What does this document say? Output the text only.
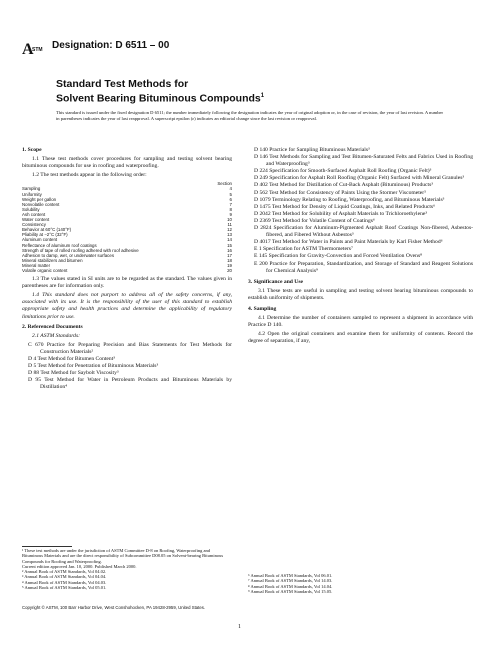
A
STM Designation: D 6511 – 00
Standard Test Methods for
Solvent Bearing Bituminous Compounds$^1$
This standard is issued under the fixed designation D 6511; the number immediately following the designation indicates the year of original adoption or, in the case of revision, the year of last revision. A number in parentheses indicates the year of last reapproval. A superscript epsilon (ε) indicates an editorial change since the last revision or reapproval.
1. Scope

1.1 These test methods cover procedures for sampling and testing solvent bearing bituminous compounds for use in roofing and waterproofing.

1.2 The test methods appear in the following order:

	Section
Sampling	4
Uniformity	5
Weight per gallon	6
Nonvolatile content	7
Solubility	8
Ash content	9
Water content	10
Consistency	11
Behavior at 60°C (140°F)	12
Pliability at −2°C (32°F)	13
Aluminum content	14
Reflectance of aluminum roof coatings	15
Strength of tape of rolled roofing adhered with roof adhesive	16
Adhesion to damp, wet, or underwater surfaces	17
Mineral stabilizers and bitumen	18
Mineral matter	19
Volatile organic content	20

1.3 The values stated in SI units are to be regarded as the standard. The values given in parentheses are for information only.

1.4 This standard does not purport to address all of the safety concerns, if any, associated with its use. It is the responsibility of the user of this standard to establish appropriate safety and health practices and determine the applicability of regulatory limitations prior to use.

2. Referenced Documents

2.1 ASTM Standards:

C 670 Practice for Preparing Precision and Bias Statements for Test Methods for Construction Materials²
D 4 Test Method for Bitumen Content³
D 5 Test Method for Penetration of Bituminous Materials³
D 88 Test Method for Saybolt Viscosity³
D 95 Test Method for Water in Petroleum Products and Bituminous Materials by Distillation⁴
D 140 Practice for Sampling Bituminous Materials³
D 146 Test Methods for Sampling and Test Bitumen-Saturated Felts and Fabrics Used in Roofing and Waterproofing³
D 224 Specification for Smooth-Surfaced Asphalt Roll Roofing (Organic Felt)³
D 249 Specification for Asphalt Roll Roofing (Organic Felt) Surfaced with Mineral Granules³
D 402 Test Method for Distillation of Cut-Back Asphalt (Bituminous) Products³
D 562 Test Method for Consistency of Paints Using the Stormer Viscometer⁵
D 1079 Terminology Relating to Roofing, Waterproofing, and Bituminous Materials³
D 1475 Test Method for Density of Liquid Coatings, Inks, and Related Products⁶
D 2042 Test Method for Solubility of Asphalt Materials to Trichloroethylene³
D 2369 Test Method for Volatile Content of Coatings⁶
D 2824 Specification for Aluminum-Pigmented Asphalt Roof Coatings Non-fibered, Asbestos-fibered, and Fibered Without Asbestos³
D 4017 Test Method for Water in Paints and Paint Materials by Karl Fisher Method⁶
E 1 Specification for ASTM Thermometers⁷
E 145 Specification for Gravity-Convection and Forced Ventilation Ovens⁸
E 200 Practice for Preparation, Standardization, and Storage of Standard and Reagent Solutions for Chemical Analysis⁹
3. Significance and Use

3.1 These tests are useful in sampling and testing solvent bearing bituminous compounds to establish uniformity of shipments.

4. Sampling

4.1 Determine the number of containers sampled to represent a shipment in accordance with Practice D 140.

4.2 Open the original containers and examine them for uniformity of contents. Record the degree of separation, if any,

¹ These test methods are under the jurisdiction of ASTM Committee D-8 on Roofing, Waterproofing and Bituminous Materials and are the direct responsibility of Subcommittee D08.05 on Solvent-bearing Bituminous Compounds for Roofing and Waterproofing.
Current edition approved Jan. 10, 2000. Published March 2000.
² Annual Book of ASTM Standards, Vol 04.02.
³ Annual Book of ASTM Standards, Vol 04.04.
⁴ Annual Book of ASTM Standards, Vol 04.03.
⁵ Annual Book of ASTM Standards, Vol 05.01.
⁶ Annual Book of ASTM Standards, Vol 06.01.
⁷ Annual Book of ASTM Standards, Vol 14.03.
⁸ Annual Book of ASTM Standards, Vol 14.04.
⁹ Annual Book of ASTM Standards, Vol 15.05.
Copyright © ASTM, 100 Barr Harbor Drive, West Conshohocken, PA 19428-2959, United States.
1
